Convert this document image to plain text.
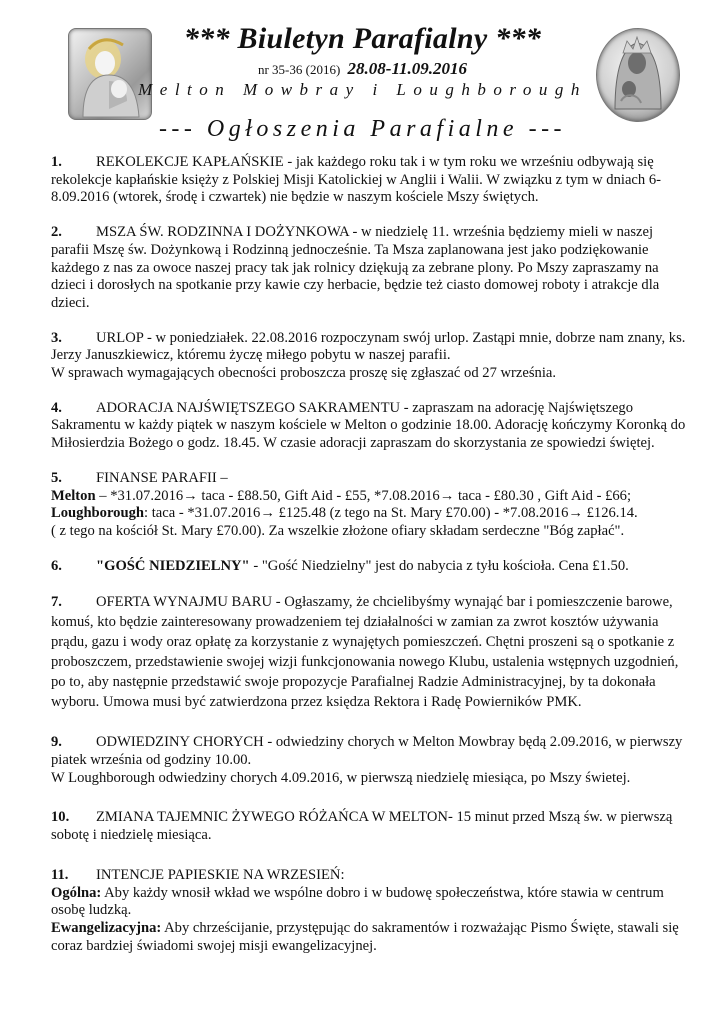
*** Biuletyn Parafialny ***
nr 35-36 (2016) 28.08-11.09.2016
Melton Mowbray i Loughborough
--- Ogłoszenia Parafialne ---

1. REKOLEKCJE KAPŁAŃSKIE - jak każdego roku tak i w tym roku we wrześniu odbywają się rekolekcje kapłańskie księży z Polskiej Misji Katolickiej w Anglii i Walii. W związku z tym w dniach 6-8.09.2016 (wtorek, środę i czwartek) nie będzie w naszym kościele Mszy świętych.

2. MSZA ŚW. RODZINNA I DOŻYNKOWA - w niedzielę 11. września będziemy mieli w naszej parafii Mszę św. Dożynkową i Rodzinną jednocześnie. Ta Msza zaplanowana jest jako podziękowanie każdego z nas za owoce naszej pracy tak jak rolnicy dziękują za zebrane plony. Po Mszy zapraszamy na dzieci i dorosłych na spotkanie przy kawie czy herbacie, będzie też ciasto domowej roboty i atrakcje dla dzieci.

3. URLOP - w poniedziałek. 22.08.2016 rozpoczynam swój urlop. Zastąpi mnie, dobrze nam znany, ks. Jerzy Januszkiewicz, któremu życzę miłego pobytu w naszej parafii.
W sprawach wymagających obecności proboszcza proszę się zgłaszać od 27 września.

4. ADORACJA NAJŚWIĘTSZEGO SAKRAMENTU - zapraszam na adorację Najświętszego Sakramentu w każdy piątek w naszym kościele w Melton o godzinie 18.00. Adorację kończymy Koronką do Miłosierdzia Bożego o godz. 18.45. W czasie adoracji zapraszam do skorzystania ze spowiedzi świętej.

5. FINANSE PARAFII –
Melton – *31.07.2016→ taca - £88.50, Gift Aid - £55, *7.08.2016→ taca - £80.30 , Gift Aid - £66;
Loughborough: taca - *31.07.2016→ £125.48 (z tego na St. Mary £70.00) - *7.08.2016→ £126.14.
( z tego na kościół St. Mary £70.00). Za wszelkie złożone ofiary składam serdeczne "Bóg zapłać".

6. "GOŚĆ NIEDZIELNY" - "Gość Niedzielny" jest do nabycia z tyłu kościoła. Cena £1.50.

7. OFERTA WYNAJMU BARU - Ogłaszamy, że chcielibyśmy wynająć bar i pomieszczenie barowe, komuś, kto będzie zainteresowany prowadzeniem tej działalności w zamian za zwrot kosztów używania prądu, gazu i wody oraz opłatę za korzystanie z wynajętych pomieszczeń. Chętni proszeni są o spotkanie z proboszczem, przedstawienie swojej wizji funkcjonowania nowego Klubu, ustalenia wstępnych uzgodnień, po to, aby następnie przedstawić swoje propozycje Parafialnej Radzie Administracyjnej, by ta dokonała wyboru. Umowa musi być zatwierdzona przez księdza Rektora i Radę Powierników PMK.

9. ODWIEDZINY CHORYCH - odwiedziny chorych w Melton Mowbray będą 2.09.2016, w pierwszy piatek września od godziny 10.00.
W Loughborough odwiedziny chorych 4.09.2016, w pierwszą niedzielę miesiąca, po Mszy świetej.

10. ZMIANA TAJEMNIC ŻYWEGO RÓŻAŃCA W MELTON- 15 minut przed Mszą św. w pierwszą sobotę i niedzielę miesiąca.

11. INTENCJE PAPIESKIE NA WRZESIEŃ:
Ogólna: Aby każdy wnosił wkład we wspólne dobro i w budowę społeczeństwa, które stawia w centrum osobę ludzką.
Ewangelizacyjna: Aby chrześcijanie, przystępując do sakramentów i rozważając Pismo Święte, stawali się coraz bardziej świadomi swojej misji ewangelizacyjnej.
